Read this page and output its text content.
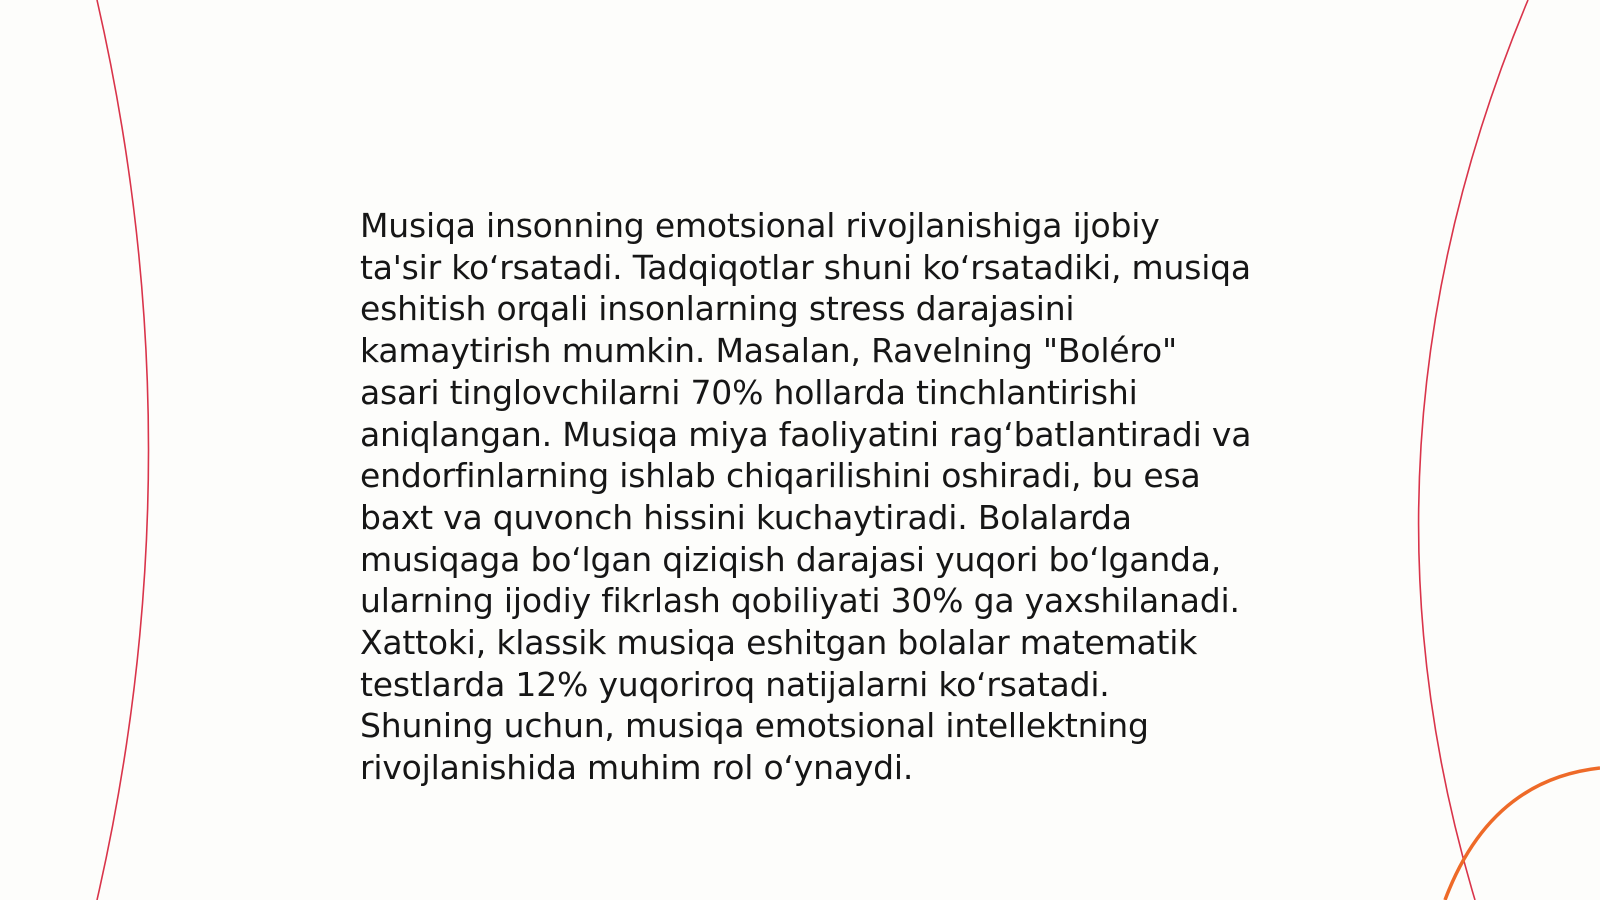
Musiqa insonning emotsional rivojlanishiga ijobiy
ta'sir koʻrsatadi. Tadqiqotlar shuni koʻrsatadiki, musiqa
eshitish orqali insonlarning stress darajasini
kamaytirish mumkin. Masalan, Ravelning "Boléro"
asari tinglovchilarni 70% hollarda tinchlantirishi
aniqlangan. Musiqa miya faoliyatini ragʻbatlantiradi va
endorfinlarning ishlab chiqarilishini oshiradi, bu esa
baxt va quvonch hissini kuchaytiradi. Bolalarda
musiqaga boʻlgan qiziqish darajasi yuqori boʻlganda,
ularning ijodiy fikrlash qobiliyati 30% ga yaxshilanadi.
Xattoki, klassik musiqa eshitgan bolalar matematik
testlarda 12% yuqoriroq natijalarni koʻrsatadi.
Shuning uchun, musiqa emotsional intellektning
rivojlanishida muhim rol oʻynaydi.
